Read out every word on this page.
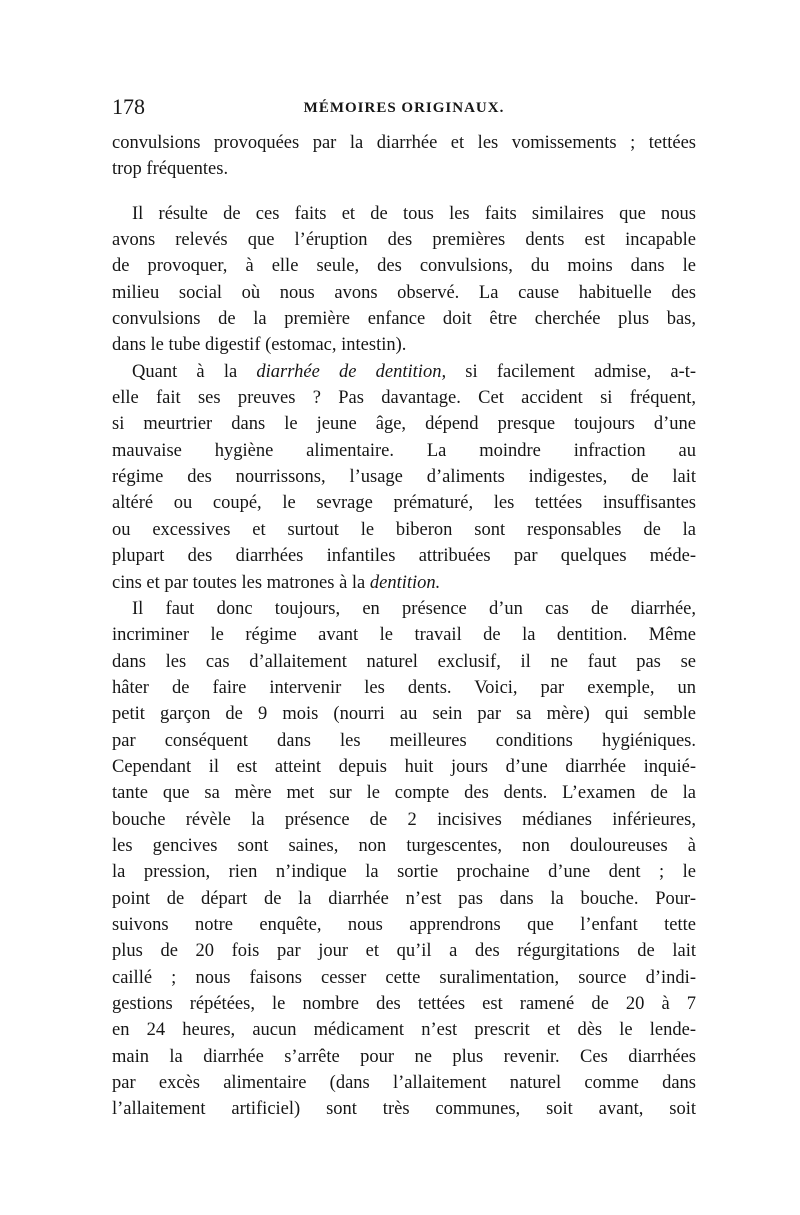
178	MÉMOIRES ORIGINAUX.
convulsions provoquées par la diarrhée et les vomissements ; tettées
trop fréquentes.
Il résulte de ces faits et de tous les faits similaires que nous
avons relevés que l’éruption des premières dents est incapable
de provoquer, à elle seule, des convulsions, du moins dans le
milieu social où nous avons observé. La cause habituelle des
convulsions de la première enfance doit être cherchée plus bas,
dans le tube digestif (estomac, intestin).
Quant à la diarrhée de dentition, si facilement admise, a-t-
elle fait ses preuves ? Pas davantage. Cet accident si fréquent,
si meurtrier dans le jeune âge, dépend presque toujours d’une
mauvaise hygiène alimentaire. La moindre infraction au
régime des nourrissons, l’usage d’aliments indigestes, de lait
altéré ou coupé, le sevrage prématuré, les tettées insuffisantes
ou excessives et surtout le biberon sont responsables de la
plupart des diarrhées infantiles attribuées par quelques méde-
cins et par toutes les matrones à la dentition.
Il faut donc toujours, en présence d’un cas de diarrhée,
incriminer le régime avant le travail de la dentition. Même
dans les cas d’allaitement naturel exclusif, il ne faut pas se
hâter de faire intervenir les dents. Voici, par exemple, un
petit garçon de 9 mois (nourri au sein par sa mère) qui semble
par conséquent dans les meilleures conditions hygiéniques.
Cependant il est atteint depuis huit jours d’une diarrhée inquié-
tante que sa mère met sur le compte des dents. L’examen de la
bouche révèle la présence de 2 incisives médianes inférieures,
les gencives sont saines, non turgescentes, non douloureuses à
la pression, rien n’indique la sortie prochaine d’une dent ; le
point de départ de la diarrhée n’est pas dans la bouche. Pour-
suivons notre enquête, nous apprendrons que l’enfant tette
plus de 20 fois par jour et qu’il a des régurgitations de lait
caillé ; nous faisons cesser cette suralimentation, source d’indi-
gestions répétées, le nombre des tettées est ramené de 20 à 7
en 24 heures, aucun médicament n’est prescrit et dès le lende-
main la diarrhée s’arrête pour ne plus revenir. Ces diarrhées
par excès alimentaire (dans l’allaitement naturel comme dans
l’allaitement artificiel) sont très communes, soit avant, soit
